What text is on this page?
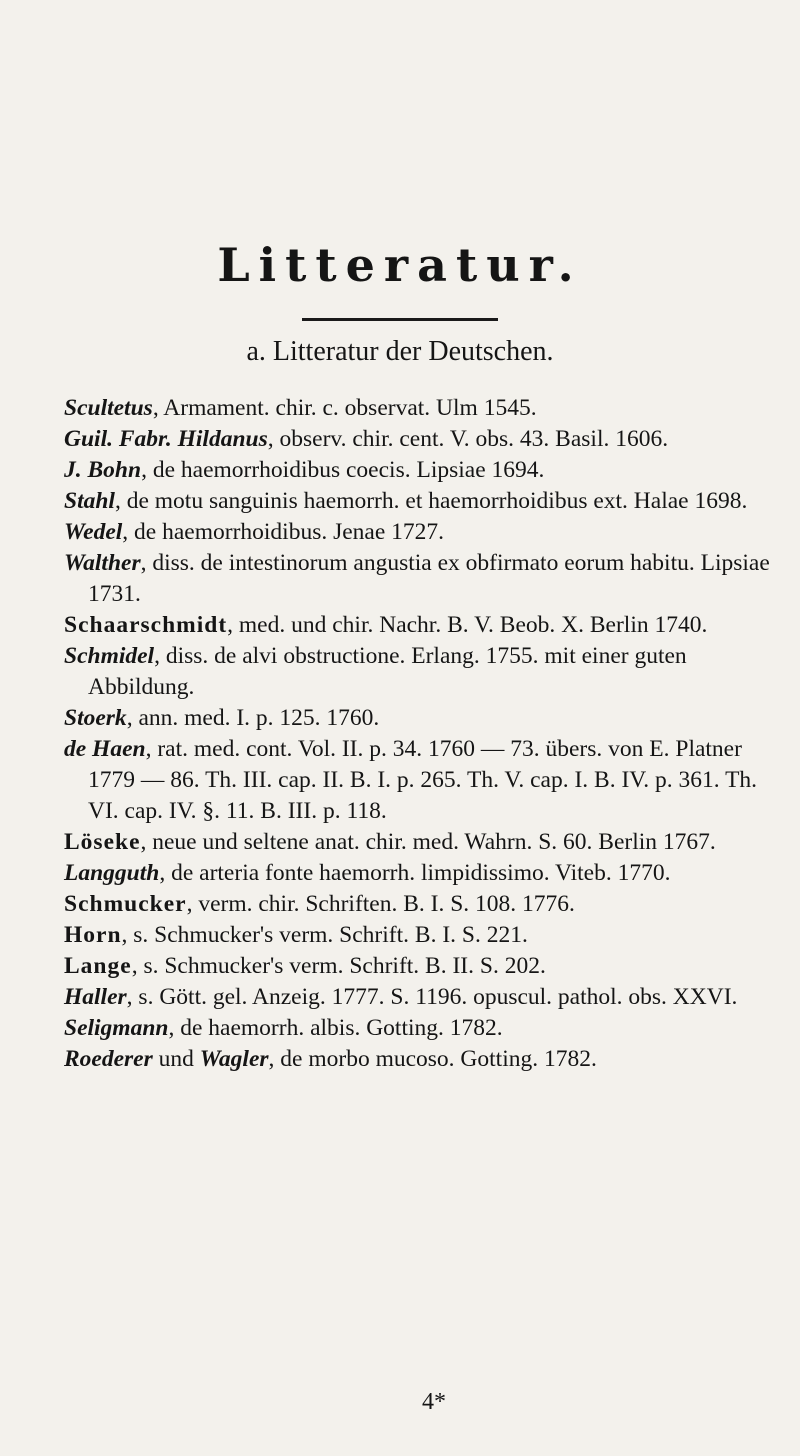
Litteratur.
a. Litteratur der Deutschen.

Scultetus, Armament. chir. c. observat. Ulm 1545.

Guil. Fabr. Hildanus, observ. chir. cent. V. obs. 43. Basil. 1606.

J. Bohn, de haemorrhoidibus coecis. Lipsiae 1694.

Stahl, de motu sanguinis haemorrh. et haemorrhoidibus ext. Halae 1698.

Wedel, de haemorrhoidibus. Jenae 1727.

Walther, diss. de intestinorum angustia ex obfirmato eorum habitu. Lipsiae 1731.

Schaarschmidt, med. und chir. Nachr. B. V. Beob. X. Berlin 1740.

Schmidel, diss. de alvi obstructione. Erlang. 1755. mit einer guten Abbildung.

Stoerk, ann. med. I. p. 125. 1760.

de Haen, rat. med. cont. Vol. II. p. 34. 1760 — 73. übers. von E. Platner 1779 — 86. Th. III. cap. II. B. I. p. 265. Th. V. cap. I. B. IV. p. 361. Th. VI. cap. IV. §. 11. B. III. p. 118.

Löseke, neue und seltene anat. chir. med. Wahrn. S. 60. Berlin 1767.

Langguth, de arteria fonte haemorrh. limpidissimo. Viteb. 1770.

Schmucker, verm. chir. Schriften. B. I. S. 108. 1776.

Horn, s. Schmucker's verm. Schrift. B. I. S. 221.

Lange, s. Schmucker's verm. Schrift. B. II. S. 202.

Haller, s. Gött. gel. Anzeig. 1777. S. 1196. opuscul. pathol. obs. XXVI.

Seligmann, de haemorrh. albis. Gotting. 1782.

Roederer und Wagler, de morbo mucoso. Gotting. 1782.

4*
